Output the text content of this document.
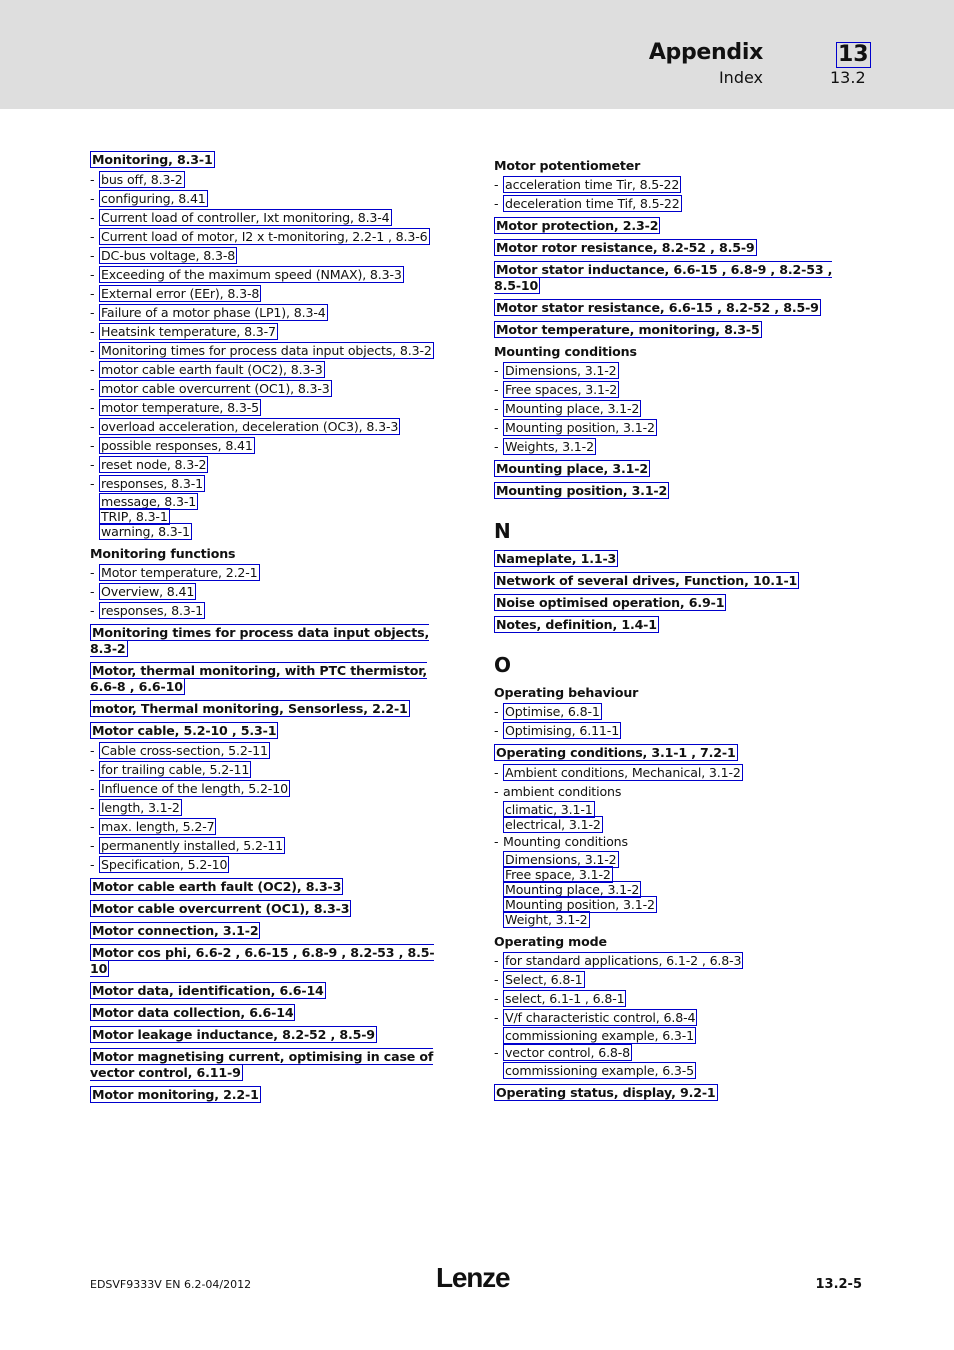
Appendix	13
Index	13.2
Monitoring, 8.3-1
- bus off, 8.3-2
- configuring, 8.41
- Current load of controller, Ixt monitoring, 8.3-4
- Current load of motor, I2 x t-monitoring, 2.2-1 , 8.3-6
- DC-bus voltage, 8.3-8
- Exceeding of the maximum speed (NMAX), 8.3-3
- External error (EEr), 8.3-8
- Failure of a motor phase (LP1), 8.3-4
- Heatsink temperature, 8.3-7
- Monitoring times for process data input objects, 8.3-2
- motor cable earth fault (OC2), 8.3-3
- motor cable overcurrent (OC1), 8.3-3
- motor temperature, 8.3-5
- overload acceleration, deceleration (OC3), 8.3-3
- possible responses, 8.41
- reset node, 8.3-2
- responses, 8.3-1
message, 8.3-1
TRIP, 8.3-1
warning, 8.3-1
Monitoring functions
- Motor temperature, 2.2-1
- Overview, 8.41
- responses, 8.3-1
Monitoring times for process data input objects, 8.3-2
Motor, thermal monitoring, with PTC thermistor, 6.6-8 , 6.6-10
motor, Thermal monitoring, Sensorless, 2.2-1
Motor cable, 5.2-10 , 5.3-1
- Cable cross-section, 5.2-11
- for trailing cable, 5.2-11
- Influence of the length, 5.2-10
- length, 3.1-2
- max. length, 5.2-7
- permanently installed, 5.2-11
- Specification, 5.2-10
Motor cable earth fault (OC2), 8.3-3
Motor cable overcurrent (OC1), 8.3-3
Motor connection, 3.1-2
Motor cos phi, 6.6-2 , 6.6-15 , 6.8-9 , 8.2-53 , 8.5-10
Motor data, identification, 6.6-14
Motor data collection, 6.6-14
Motor leakage inductance, 8.2-52 , 8.5-9
Motor magnetising current, optimising in case of vector control, 6.11-9
Motor monitoring, 2.2-1
Motor potentiometer
- acceleration time Tir, 8.5-22
- deceleration time Tif, 8.5-22
Motor protection, 2.3-2
Motor rotor resistance, 8.2-52 , 8.5-9
Motor stator inductance, 6.6-15 , 6.8-9 , 8.2-53 , 8.5-10
Motor stator resistance, 6.6-15 , 8.2-52 , 8.5-9
Motor temperature, monitoring, 8.3-5
Mounting conditions
- Dimensions, 3.1-2
- Free spaces, 3.1-2
- Mounting place, 3.1-2
- Mounting position, 3.1-2
- Weights, 3.1-2
Mounting place, 3.1-2
Mounting position, 3.1-2
N
Nameplate, 1.1-3
Network of several drives, Function, 10.1-1
Noise optimised operation, 6.9-1
Notes, definition, 1.4-1
O
Operating behaviour
- Optimise, 6.8-1
- Optimising, 6.11-1
Operating conditions, 3.1-1 , 7.2-1
- Ambient conditions, Mechanical, 3.1-2
- ambient conditions
climatic, 3.1-1
electrical, 3.1-2
- Mounting conditions
Dimensions, 3.1-2
Free space, 3.1-2
Mounting place, 3.1-2
Mounting position, 3.1-2
Weight, 3.1-2
Operating mode
- for standard applications, 6.1-2 , 6.8-3
- Select, 6.8-1
- select, 6.1-1 , 6.8-1
- V/f characteristic control, 6.8-4
commissioning example, 6.3-1
- vector control, 6.8-8
commissioning example, 6.3-5
Operating status, display, 9.2-1
EDSVF9333V EN 6.2-04/2012	Lenze	13.2-5
